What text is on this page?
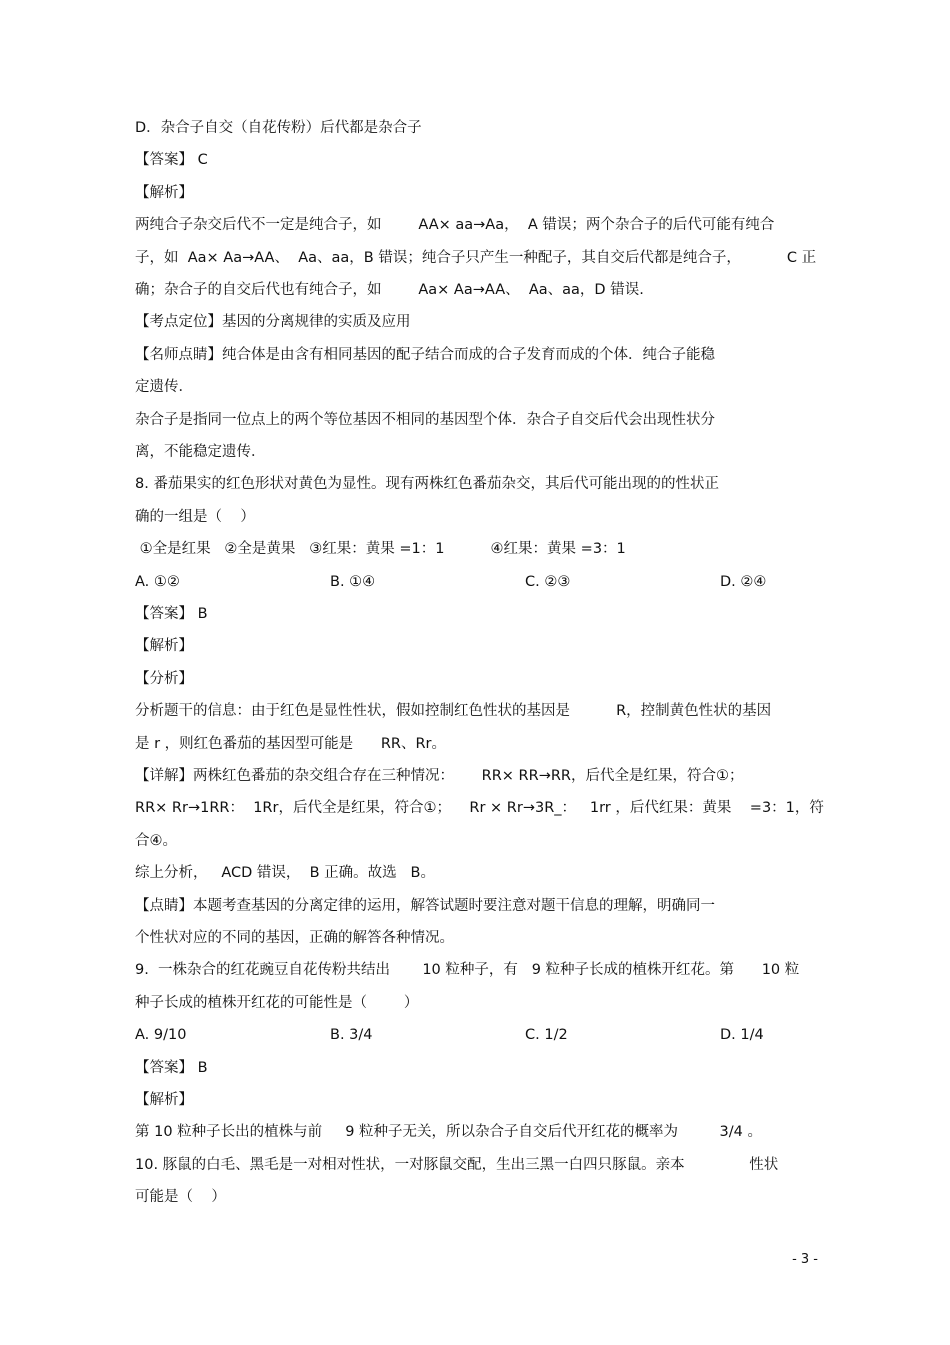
D．杂合子自交（自花传粉）后代都是杂合子
【答案】 C
【解析】
两纯合子杂交后代不一定是纯合子，如        AA× aa→Aa，  A 错误；两个杂合子的后代可能有纯合
子，如  Aa× Aa→AA、  Aa、aa，B 错误；纯合子只产生一种配子，其自交后代都是纯合子，          C 正
确；杂合子的自交后代也有纯合子，如        Aa× Aa→AA、  Aa、aa，D 错误.
【考点定位】基因的分离规律的实质及应用
【名师点睛】纯合体是由含有相同基因的配子结合而成的合子发育而成的个体．纯合子能稳
定遗传．
杂合子是指同一位点上的两个等位基因不相同的基因型个体．杂合子自交后代会出现性状分
离，不能稳定遗传．
8. 番茄果实的红色形状对黄色为显性。现有两株红色番茄杂交，其后代可能出现的的性状正
确的一组是（    ）
①全是红果   ②全是黄果   ③红果：黄果 =1：1          ④红果：黄果 =3：1
A. ①②	B. ①④	C. ②③	D. ②④
【答案】 B
【解析】
【分析】
分析题干的信息：由于红色是显性性状，假如控制红色性状的基因是          R，控制黄色性状的基因
是 r ，则红色番茄的基因型可能是      RR、Rr。
【详解】两株红色番茄的杂交组合存在三种情况：      RR× RR→RR，后代全是红果，符合①；
RR× Rr→1RR：  1Rr，后代全是红果，符合①；    Rr × Rr→3R_：   1rr ，后代红果：黄果    =3：1，符
合④。
综上分析，   ACD 错误，  B 正确。故选   B。
【点睛】本题考查基因的分离定律的运用，解答试题时要注意对题干信息的理解，明确同一
个性状对应的不同的基因，正确的解答各种情况。
9.  一株杂合的红花豌豆自花传粉共结出       10 粒种子，有   9 粒种子长成的植株开红花。第      10 粒
种子长成的植株开红花的可能性是（        ）
A. 9/10	B. 3/4	C. 1/2	D. 1/4
【答案】 B
【解析】
第 10 粒种子长出的植株与前     9 粒种子无关，所以杂合子自交后代开红花的概率为         3/4 。
10. 豚鼠的白毛、黑毛是一对相对性状，一对豚鼠交配，生出三黑一白四只豚鼠。亲本              性状
可能是（    ）
- 3 -
